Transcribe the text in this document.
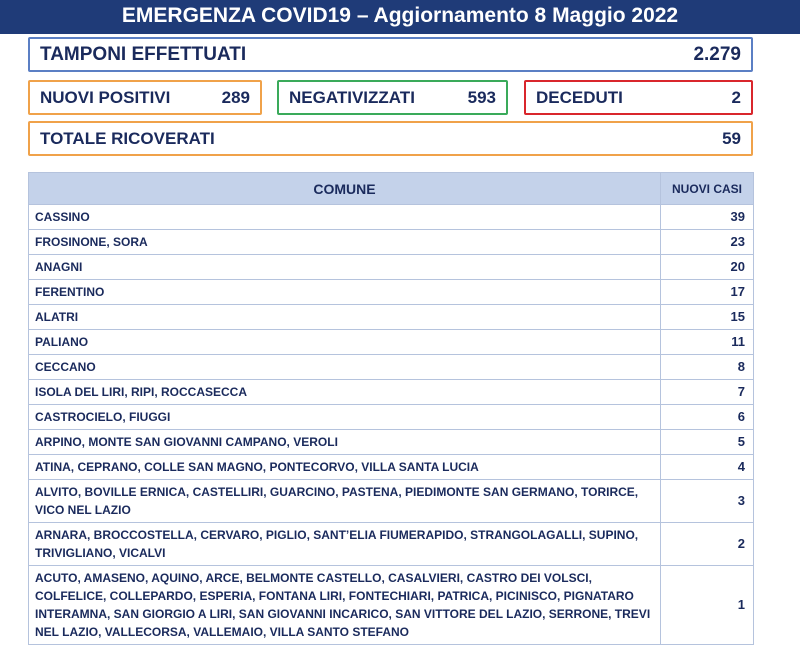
EMERGENZA COVID19 – Aggiornamento 8 Maggio 2022
TAMPONI EFFETTUATI	2.279
NUOVI POSITIVI	289 NEGATIVIZZATI	593 DECEDUTI	2
TOTALE RICOVERATI	59
COMUNE	NUOVI CASI
CASSINO	39
FROSINONE, SORA	23
ANAGNI	20
FERENTINO	17
ALATRI	15
PALIANO	11
CECCANO	8
ISOLA DEL LIRI, RIPI, ROCCASECCA	7
CASTROCIELO, FIUGGI	6
ARPINO, MONTE SAN GIOVANNI CAMPANO, VEROLI	5
ATINA, CEPRANO, COLLE SAN MAGNO, PONTECORVO, VILLA SANTA LUCIA	4
ALVITO, BOVILLE ERNICA, CASTELLIRI, GUARCINO, PASTENA, PIEDIMONTE SAN GERMANO, TORIRCE, VICO NEL LAZIO	3
ARNARA, BROCCOSTELLA, CERVARO, PIGLIO, SANT’ELIA FIUMERAPIDO, STRANGOLAGALLI, SUPINO, TRIVIGLIANO, VICALVI	2
ACUTO, AMASENO, AQUINO, ARCE, BELMONTE CASTELLO, CASALVIERI, CASTRO DEI VOLSCI, COLFELICE, COLLEPARDO, ESPERIA, FONTANA LIRI, FONTECHIARI, PATRICA, PICINISCO, PIGNATARO INTERAMNA, SAN GIORGIO A LIRI, SAN GIOVANNI INCARICO, SAN VITTORE DEL LAZIO, SERRONE, TREVI NEL LAZIO, VALLECORSA, VALLEMAIO, VILLA SANTO STEFANO	1
